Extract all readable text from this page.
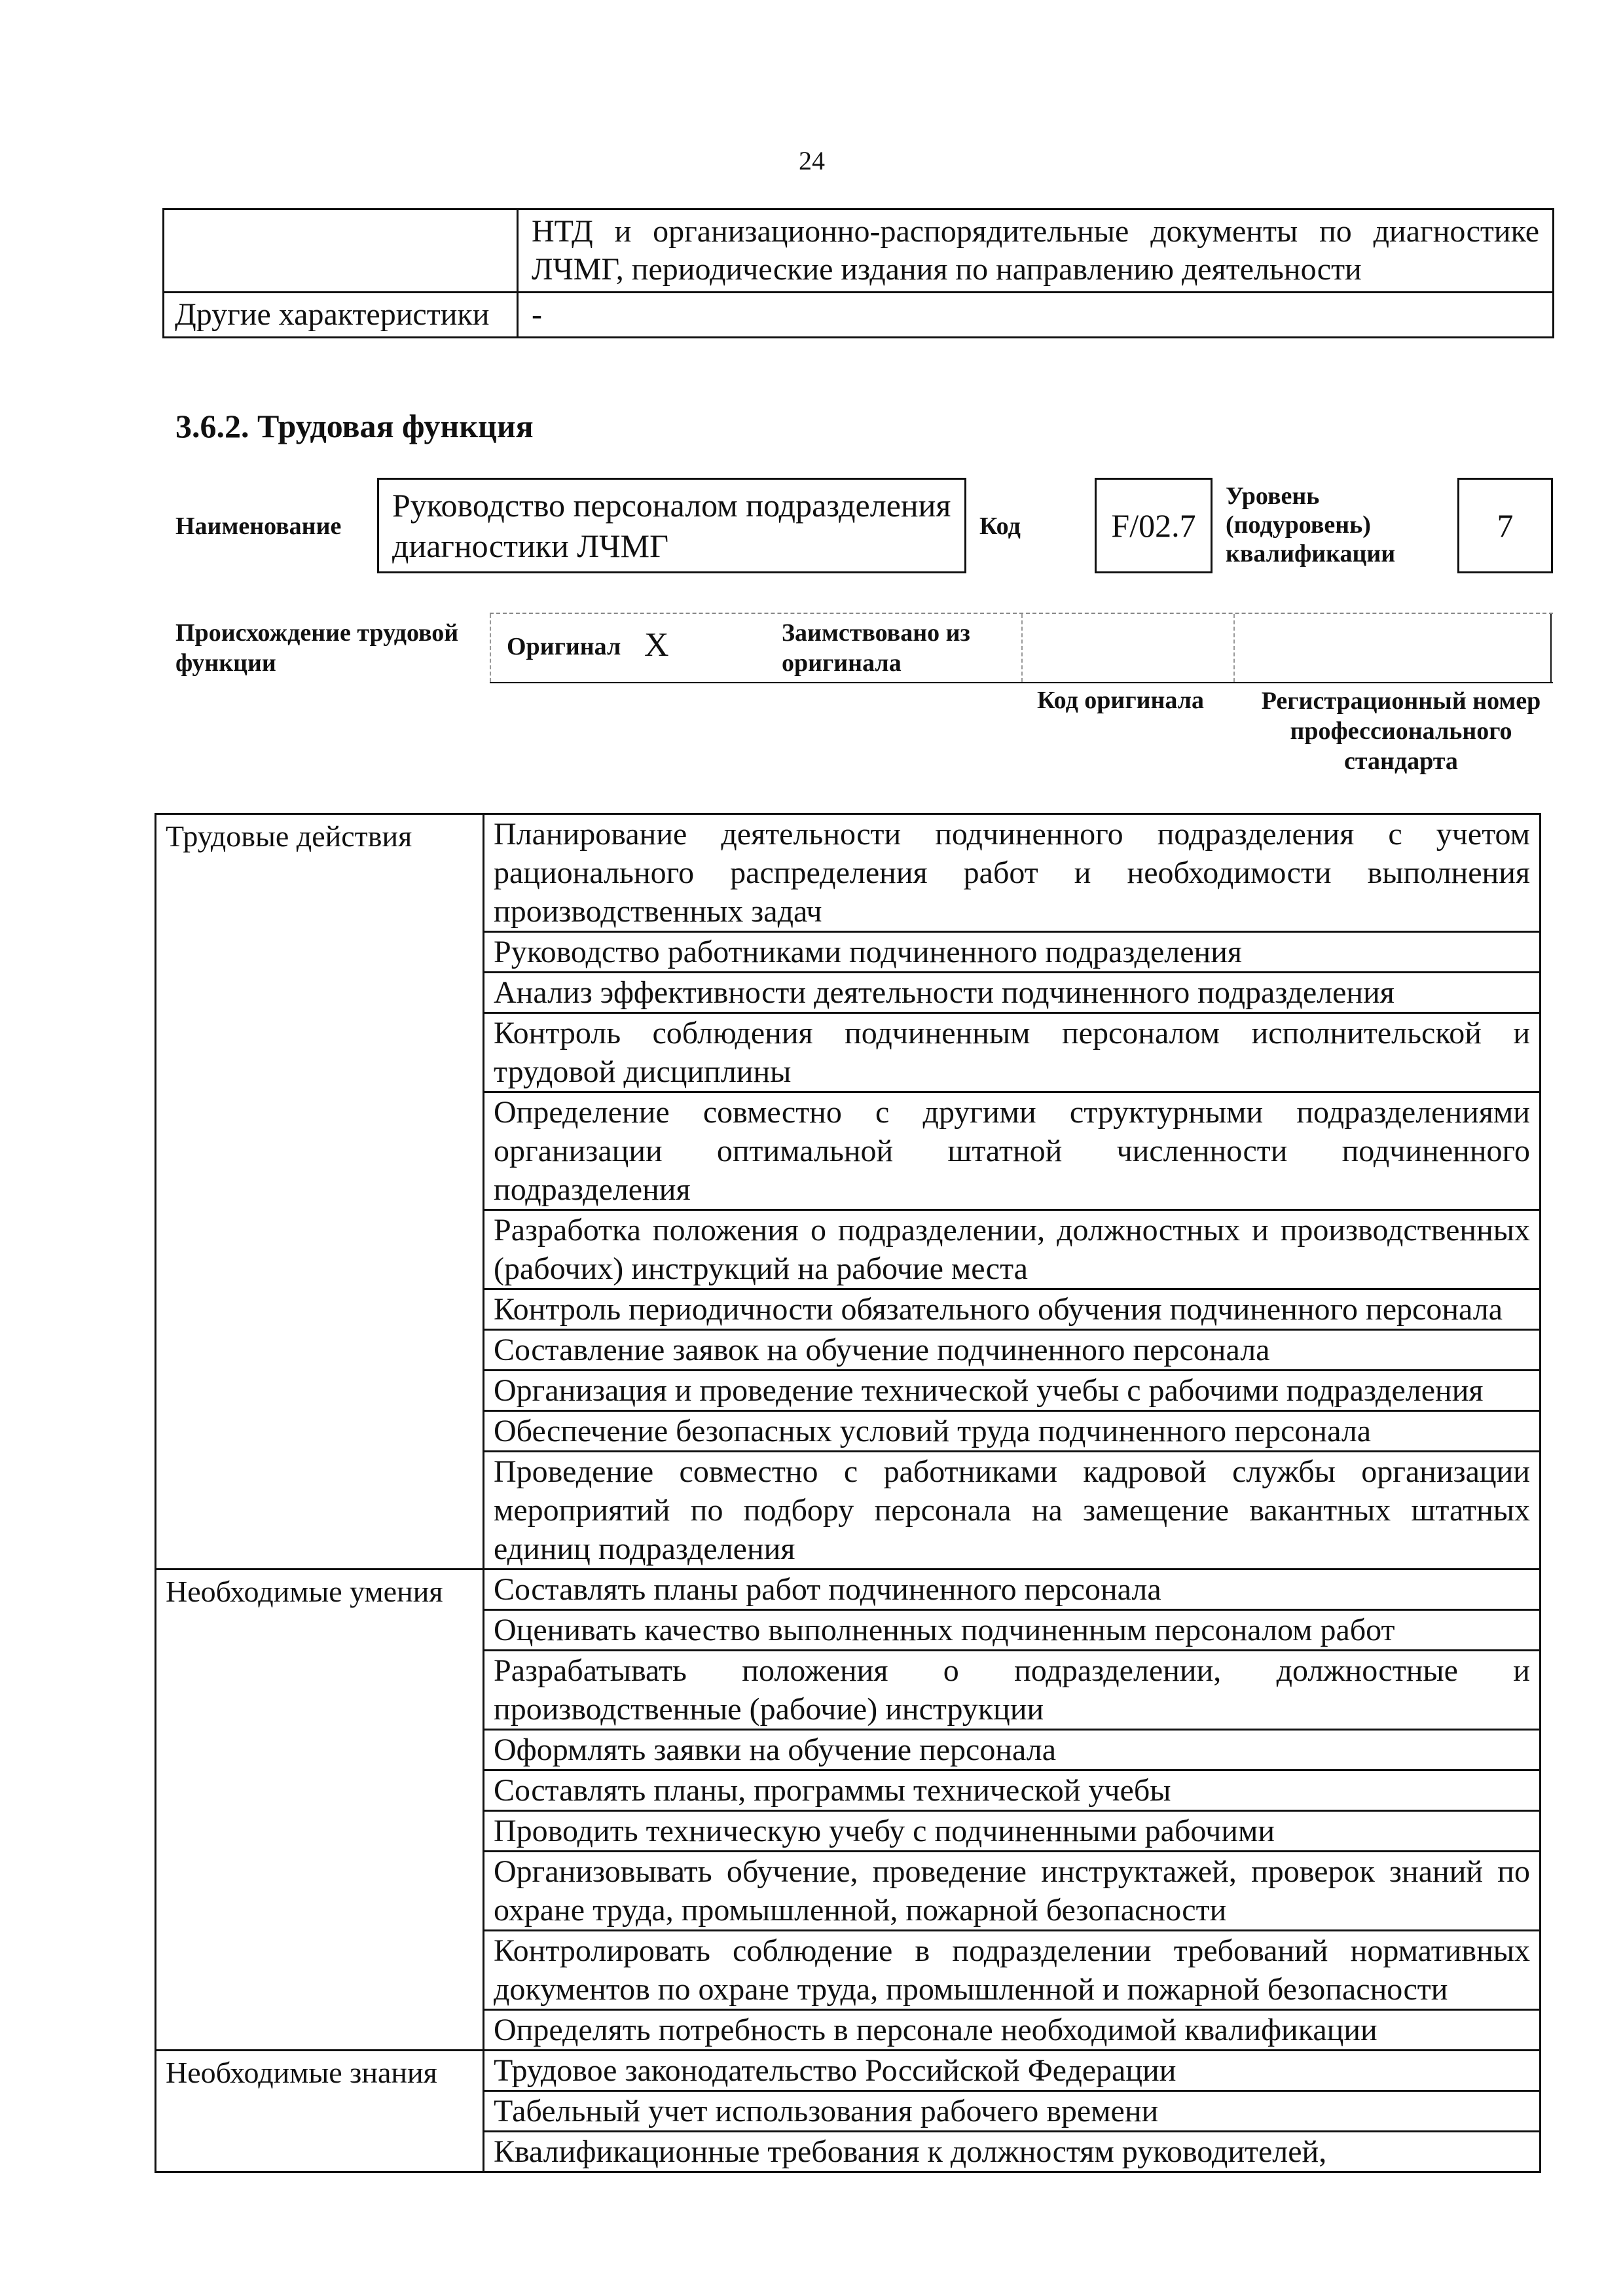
24
	НТД и организационно-распорядительные документы по диагностике ЛЧМГ, периодические издания по направлению деятельности
Другие характеристики	-
3.6.2. Трудовая функция
Наименование
Руководство персоналом подразделения диагностики ЛЧМГ
Код	F/02.7
Уровень (подуровень) квалификации
7
Происхождение трудовой функции
Оригинал X	Заимствовано из оригинала
Код оригинала	Регистрационный номер профессионального стандарта
Трудовые действия	Планирование деятельности подчиненного подразделения с учетом рационального распределения работ и необходимости выполнения производственных задач
	Руководство работниками подчиненного подразделения
	Анализ эффективности деятельности подчиненного подразделения
	Контроль соблюдения подчиненным персоналом исполнительской и трудовой дисциплины
	Определение совместно с другими структурными подразделениями организации оптимальной штатной численности подчиненного подразделения
	Разработка положения о подразделении, должностных и производственных (рабочих) инструкций на рабочие места
	Контроль периодичности обязательного обучения подчиненного персонала
	Составление заявок на обучение подчиненного персонала
	Организация и проведение технической учебы с рабочими подразделения
	Обеспечение безопасных условий труда подчиненного персонала
	Проведение совместно с работниками кадровой службы организации мероприятий по подбору персонала на замещение вакантных штатных единиц подразделения
Необходимые умения	Составлять планы работ подчиненного персонала
	Оценивать качество выполненных подчиненным персоналом работ
	Разрабатывать положения о подразделении, должностные и производственные (рабочие) инструкции
	Оформлять заявки на обучение персонала
	Составлять планы, программы технической учебы
	Проводить техническую учебу с подчиненными рабочими
	Организовывать обучение, проведение инструктажей, проверок знаний по охране труда, промышленной, пожарной безопасности
	Контролировать соблюдение в подразделении требований нормативных документов по охране труда, промышленной и пожарной безопасности
	Определять потребность в персонале необходимой квалификации
Необходимые знания	Трудовое законодательство Российской Федерации
	Табельный учет использования рабочего времени
	Квалификационные требования к должностям руководителей,
